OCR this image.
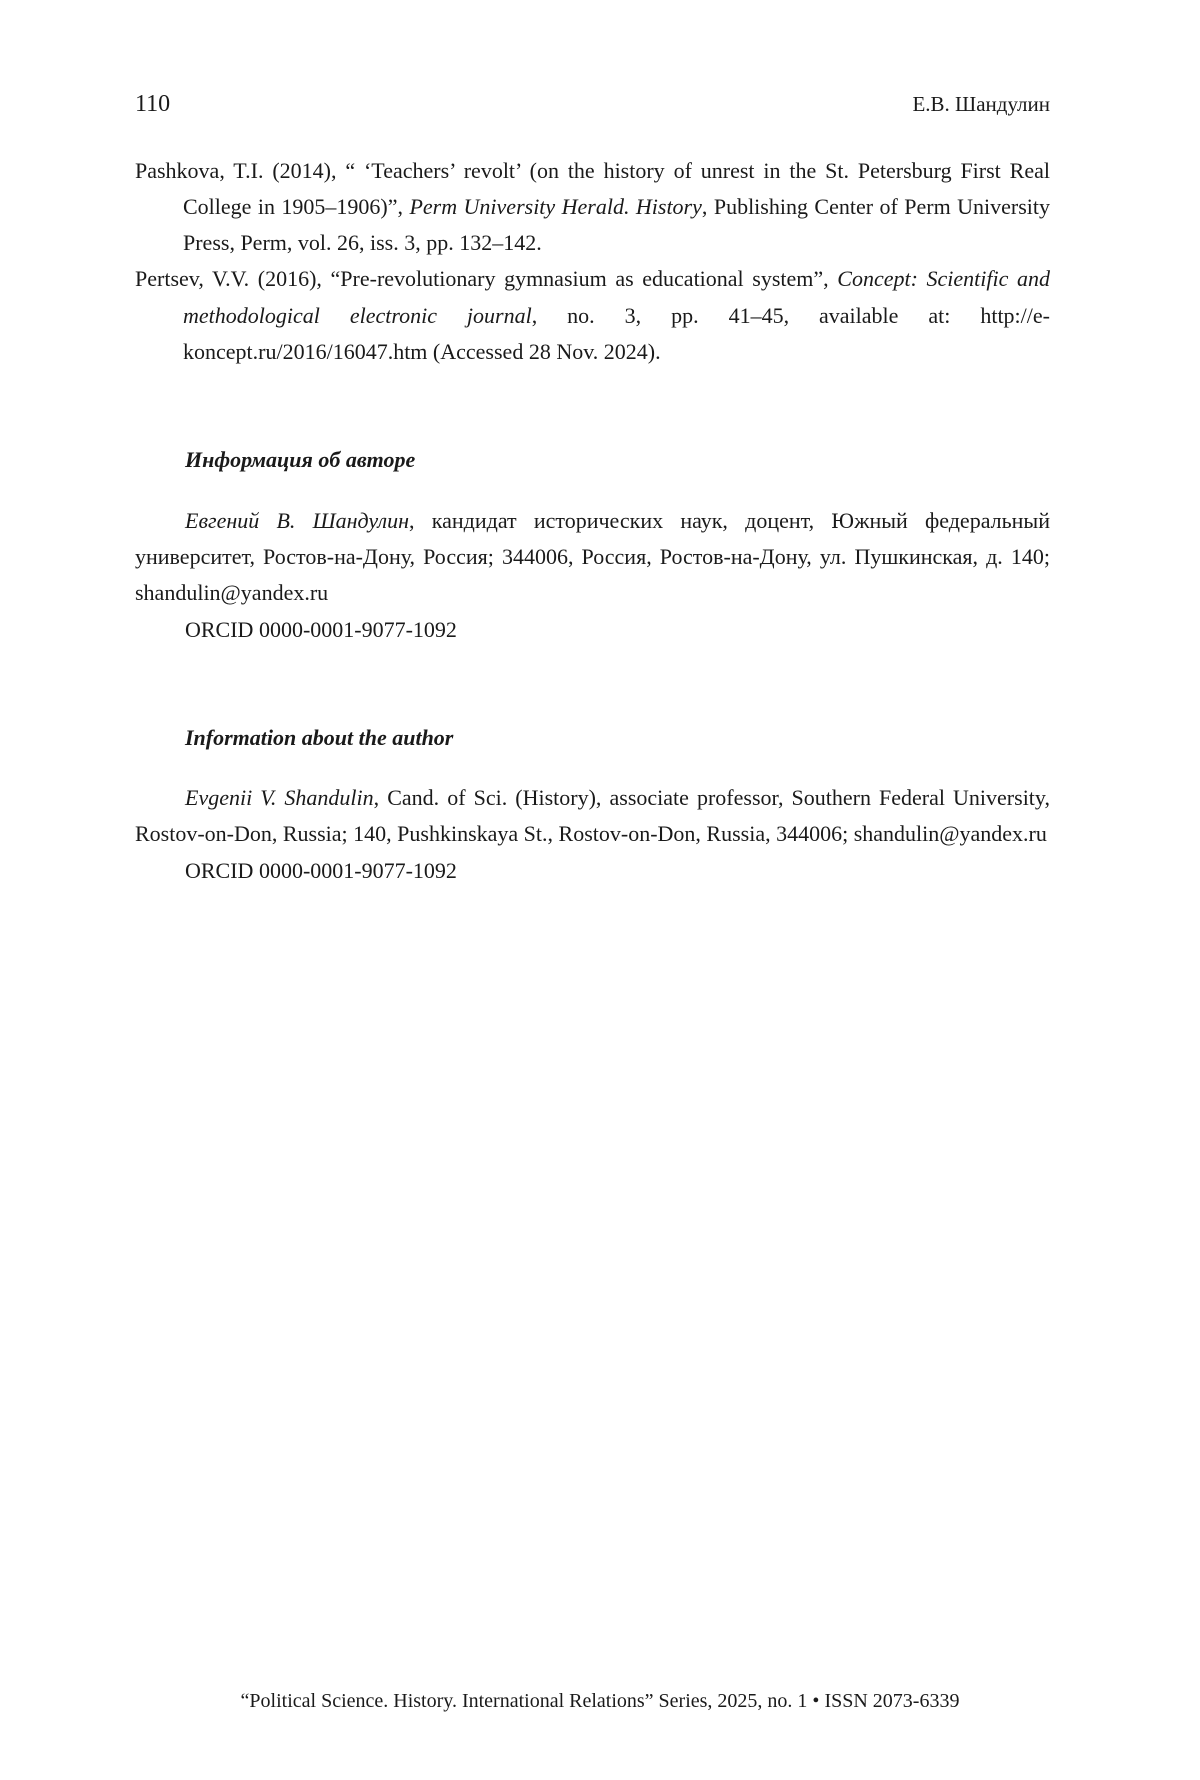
110	Е.В. Шандулин

Pashkova, T.I. (2014), “ ‘Teachers’ revolt’ (on the history of unrest in the St. Petersburg First Real College in 1905–1906)”, Perm University Herald. History, Publishing Center of Perm University Press, Perm, vol. 26, iss. 3, pp. 132–142.

Pertsev, V.V. (2016), “Pre-revolutionary gymnasium as educational system”, Concept: Scientific and methodological electronic journal, no. 3, pp. 41–45, available at: http://e-koncept.ru/2016/16047.htm (Accessed 28 Nov. 2024).

Информация об авторе

Евгений В. Шандулин, кандидат исторических наук, доцент, Южный федеральный университет, Ростов-на-Дону, Россия; 344006, Россия, Ростов-на-Дону, ул. Пушкинская, д. 140; shandulin@yandex.ru

ORCID 0000-0001-9077-1092

Information about the author

Evgenii V. Shandulin, Cand. of Sci. (History), associate professor, Southern Federal University, Rostov-on-Don, Russia; 140, Pushkinskaya St., Rostov-on-Don, Russia, 344006; shandulin@yandex.ru

ORCID 0000-0001-9077-1092

“Political Science. History. International Relations” Series, 2025, no. 1 • ISSN 2073-6339
